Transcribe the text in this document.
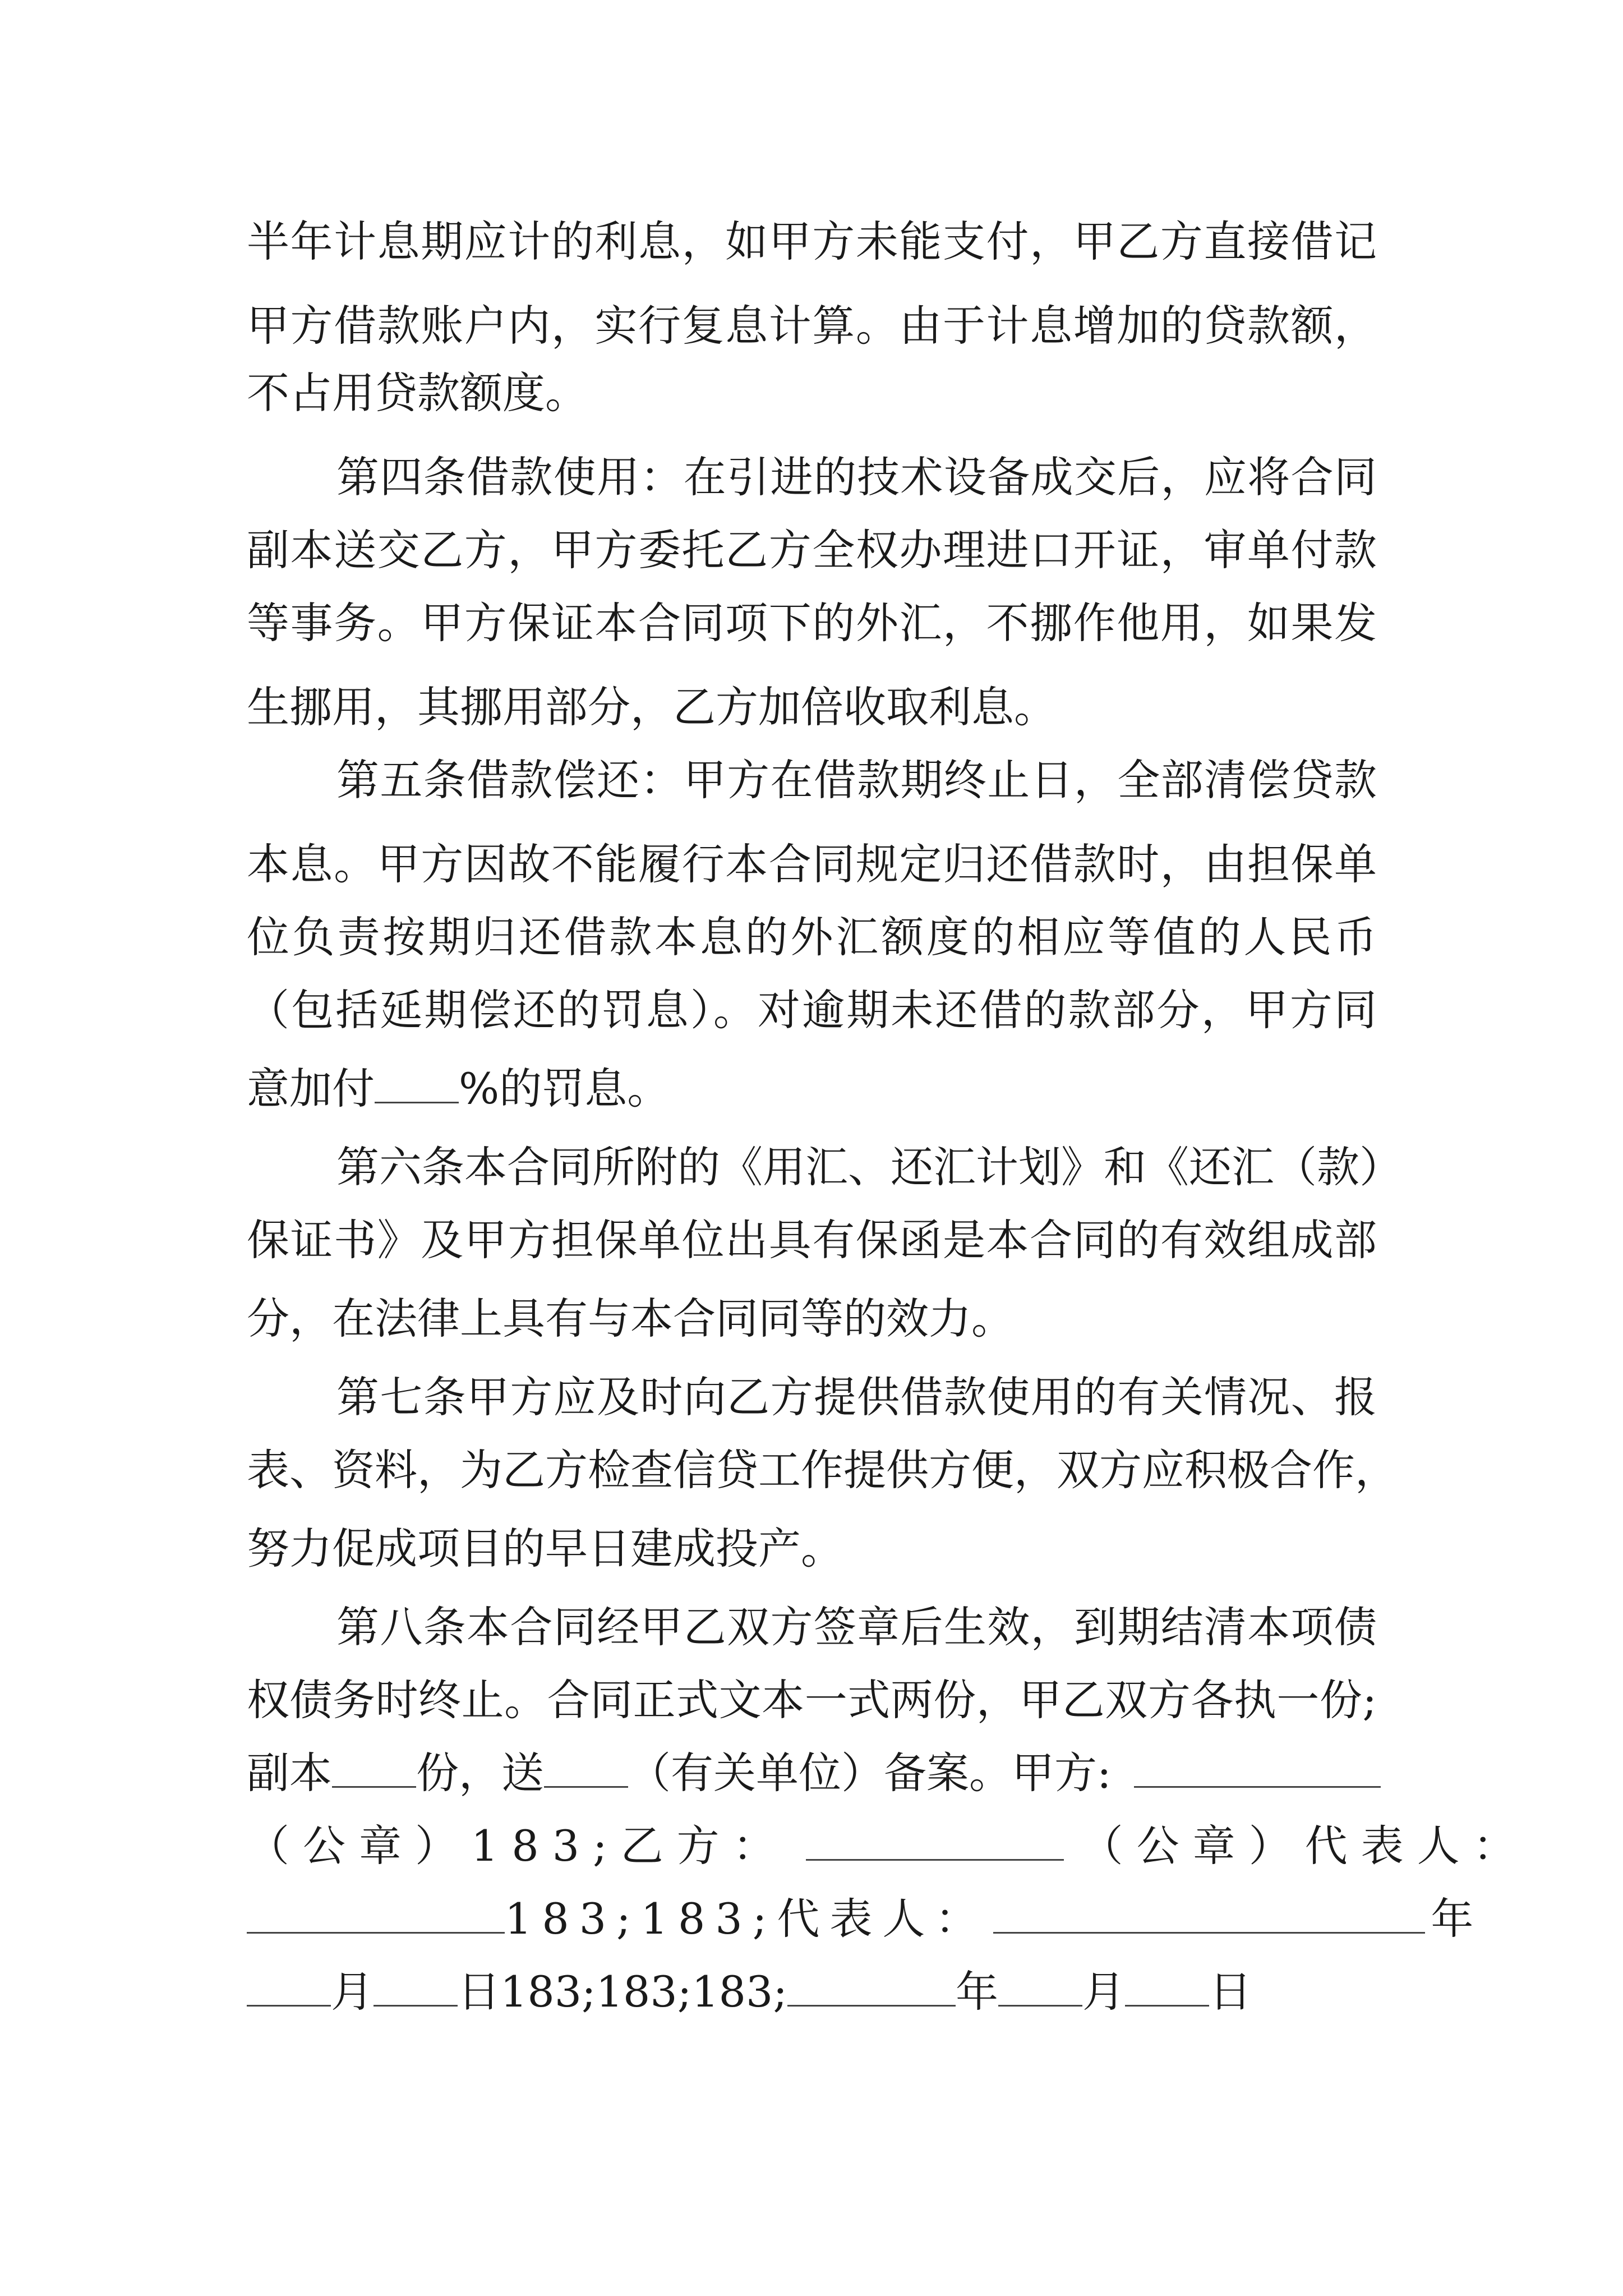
半年计息期应计的利息，如甲方未能支付，甲乙方直接借记
甲方借款账户内，实行复息计算。由于计息增加的贷款额，
不占用贷款额度。
第四条借款使用：在引进的技术设备成交后，应将合同
副本送交乙方，甲方委托乙方全权办理进口开证，审单付款
等事务。甲方保证本合同项下的外汇，不挪作他用，如果发
生挪用，其挪用部分，乙方加倍收取利息。
第五条借款偿还：甲方在借款期终止日，全部清偿贷款
本息。甲方因故不能履行本合同规定归还借款时，由担保单
位负责按期归还借款本息的外汇额度的相应等值的人民币
（包括延期偿还的罚息）。对逾期未还借的款部分，甲方同
意加付 %的罚息。
第六条本合同所附的《用汇、还汇计划》和《还汇（款）
保证书》及甲方担保单位出具有保函是本合同的有效组成部
分，在法律上具有与本合同同等的效力。
第七条甲方应及时向乙方提供借款使用的有关情况、报
表、资料，为乙方检查信贷工作提供方便，双方应积极合作，
努力促成项目的早日建成投产。
第八条本合同经甲乙双方签章后生效，到期结清本项债
权债务时终止。合同正式文本一式两份，甲乙双方各执一份;
副本 份，送 （有关单位）备案。甲方:
（公章）183;乙方：	（公章）代表人：
183;183;代表人：	年
月 日183;183;183;	年 月 日
